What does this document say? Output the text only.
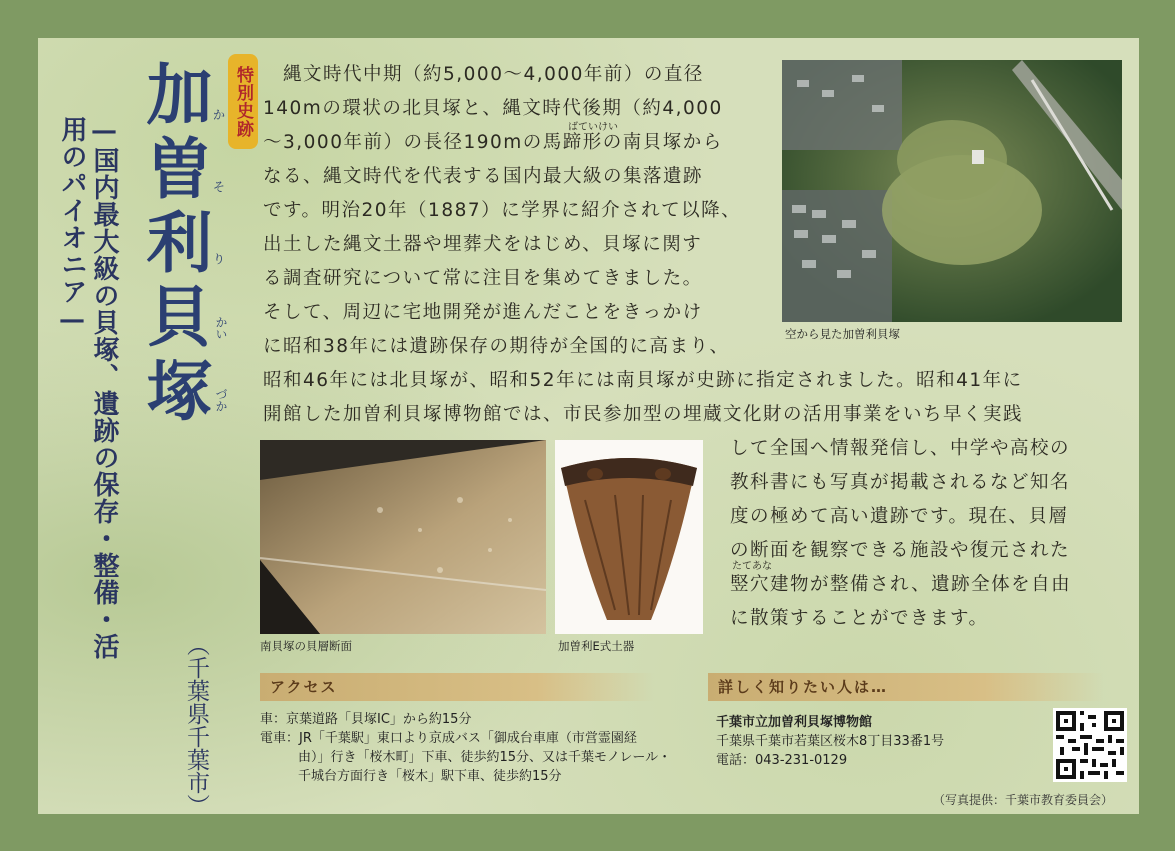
特別史跡
加曽利貝塚 か
そ
り
かい
づか
—国内最大級の貝塚、遺跡の保存・整備・活用のパイオニア—
（千葉県千葉市）
　縄文時代中期（約5,000～4,000年前）の直径
140mの環状の北貝塚と、縄文時代後期（約4,000
～3,000年前）の長径190mの馬蹄形の南貝塚から
なる、縄文時代を代表する国内最大級の集落遺跡
です。明治20年（1887）に学界に紹介されて以降、
出土した縄文土器や埋葬犬をはじめ、貝塚に関す
る調査研究について常に注目を集めてきました。
そして、周辺に宅地開発が進んだことをきっかけ
に昭和38年には遺跡保存の期待が全国的に高まり、
ばていけい
昭和46年には北貝塚が、昭和52年には南貝塚が史跡に指定されました。昭和41年に
開館した加曽利貝塚博物館では、市民参加型の埋蔵文化財の活用事業をいち早く実践
して全国へ情報発信し、中学や高校の
教科書にも写真が掲載されるなど知名
度の極めて高い遺跡です。現在、貝層
の断面を観察できる施設や復元された
竪穴建物が整備され、遺跡全体を自由
に散策することができます。
たてあな
空から見た加曽利貝塚
南貝塚の貝層断面	加曽利E式土器
アクセス
車：京葉道路「貝塚IC」から約15分
電車：JR「千葉駅」東口より京成バス「御成台車庫（市営霊園経
由）」行き「桜木町」下車、徒歩約15分、又は千葉モノレール・
千城台方面行き「桜木」駅下車、徒歩約15分
詳しく知りたい人は…
千葉市立加曽利貝塚博物館
千葉県千葉市若葉区桜木8丁目33番1号
電話：043-231-0129
（写真提供：千葉市教育委員会）
